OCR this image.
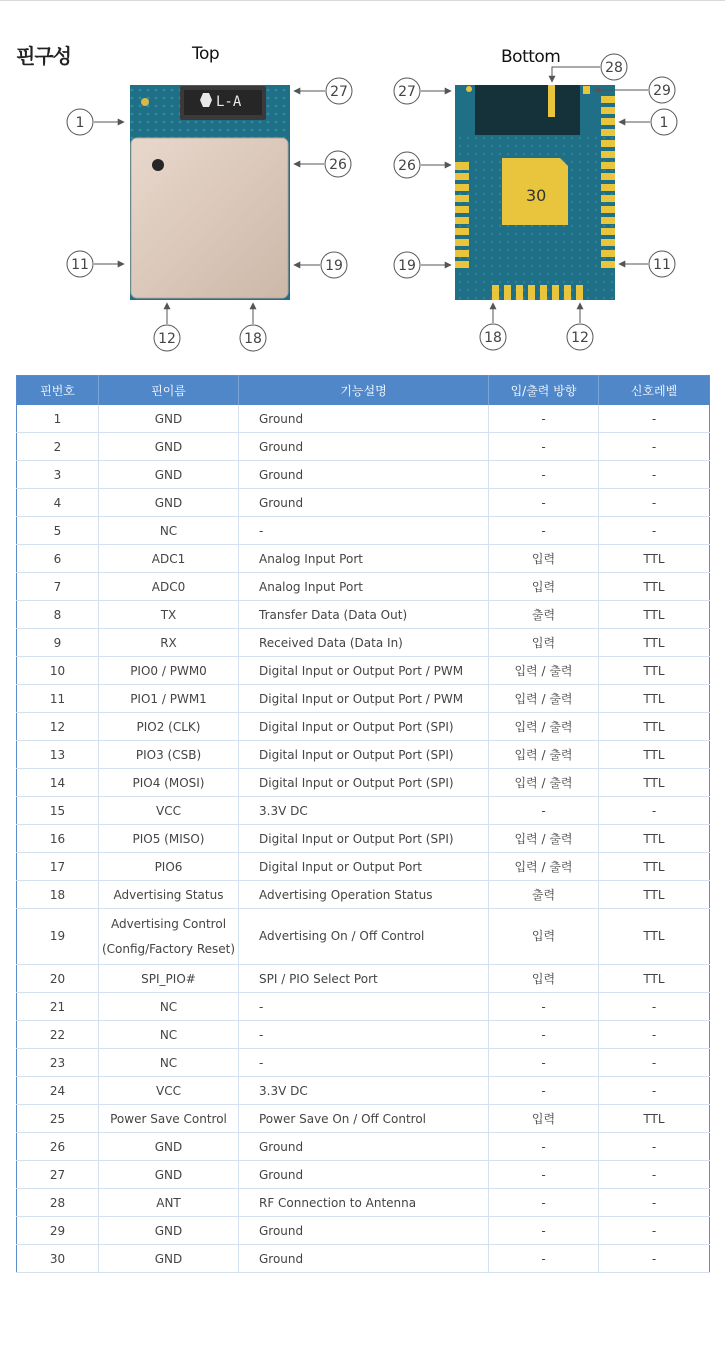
핀구성	Top	Bottom
L-A
30
1
11
12	18
19
26
27	27
26
19
18	12
11
1
29
28
핀번호	핀이름	기능설명	입/출력 방향	신호레벨
1	GND	Ground	-	-
2	GND	Ground	-	-
3	GND	Ground	-	-
4	GND	Ground	-	-
5	NC	-	-	-
6	ADC1	Analog Input Port	입력	TTL
7	ADC0	Analog Input Port	입력	TTL
8	TX	Transfer Data (Data Out)	출력	TTL
9	RX	Received Data (Data In)	입력	TTL
10	PIO0 / PWM0	Digital Input or Output Port / PWM	입력 / 출력	TTL
11	PIO1 / PWM1	Digital Input or Output Port / PWM	입력 / 출력	TTL
12	PIO2 (CLK)	Digital Input or Output Port (SPI)	입력 / 출력	TTL
13	PIO3 (CSB)	Digital Input or Output Port (SPI)	입력 / 출력	TTL
14	PIO4 (MOSI)	Digital Input or Output Port (SPI)	입력 / 출력	TTL
15	VCC	3.3V DC	-	-
16	PIO5 (MISO)	Digital Input or Output Port (SPI)	입력 / 출력	TTL
17	PIO6	Digital Input or Output Port	입력 / 출력	TTL
18	Advertising Status	Advertising Operation Status	출력	TTL
19	Advertising Control
(Config/Factory Reset)	Advertising On / Off Control	입력	TTL
20	SPI_PIO#	SPI / PIO Select Port	입력	TTL
21	NC	-	-	-
22	NC	-	-	-
23	NC	-	-	-
24	VCC	3.3V DC	-	-
25	Power Save Control	Power Save On / Off Control	입력	TTL
26	GND	Ground	-	-
27	GND	Ground	-	-
28	ANT	RF Connection to Antenna	-	-
29	GND	Ground	-	-
30	GND	Ground	-	-
